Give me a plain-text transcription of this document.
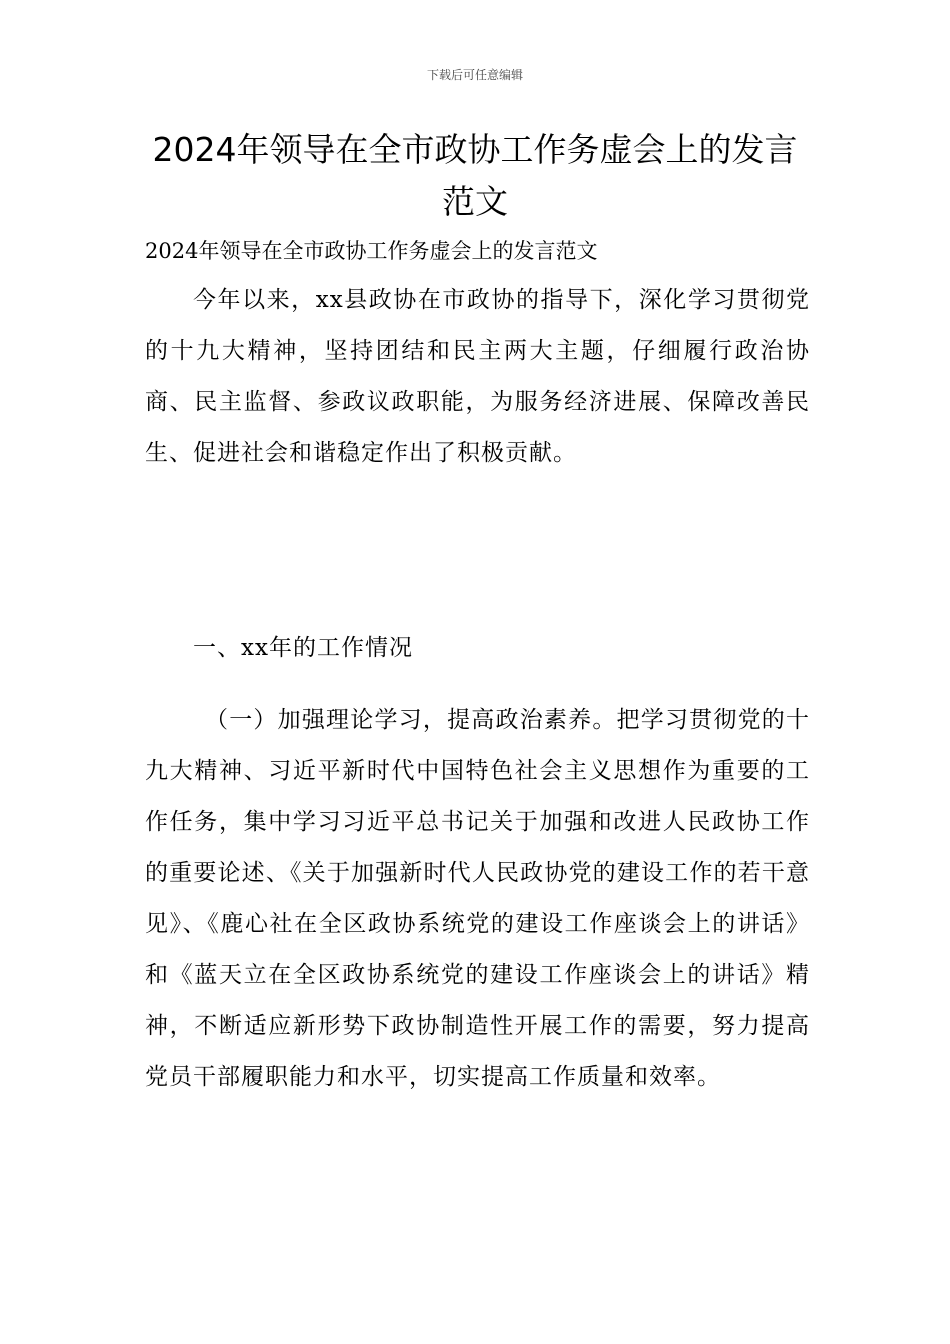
下载后可任意编辑
2024年领导在全市政协工作务虚会上的发言范文
2024年领导在全市政协工作务虚会上的发言范文

今年以来，xx县政协在市政协的指导下，深化学习贯彻党的十九大精神，坚持团结和民主两大主题，仔细履行政治协商、民主监督、参政议政职能，为服务经济进展、保障改善民生、促进社会和谐稳定作出了积极贡献。

一、xx年的工作情况

（一）加强理论学习，提高政治素养。把学习贯彻党的十九大精神、习近平新时代中国特色社会主义思想作为重要的工作任务，集中学习习近平总书记关于加强和改进人民政协工作的重要论述、《关于加强新时代人民政协党的建设工作的若干意见》、《鹿心社在全区政协系统党的建设工作座谈会上的讲话》和《蓝天立在全区政协系统党的建设工作座谈会上的讲话》精神，不断适应新形势下政协制造性开展工作的需要，努力提高党员干部履职能力和水平，切实提高工作质量和效率。
